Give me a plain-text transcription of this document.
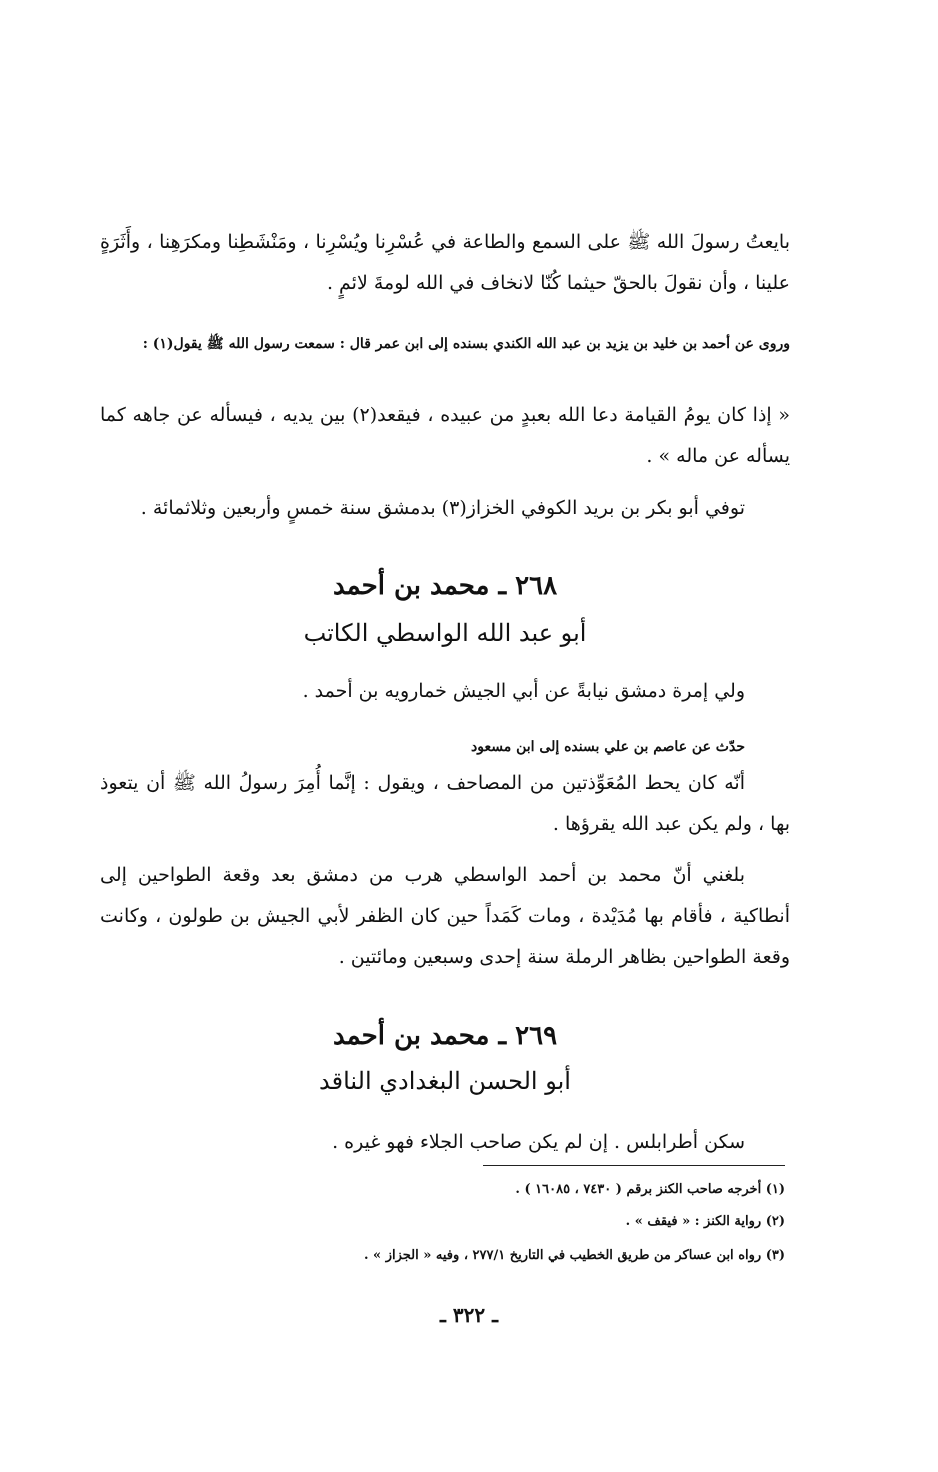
بايعتُ رسولَ الله ﷺ على السمع والطاعة في عُسْرِنا ويُسْرِنا ، ومَنْشَطِنا ومكرَهِنا ، وأَثَرَةٍ علينا ، وأن نقولَ بالحقّ حيثما كُنّا لانخاف في الله لومةَ لائمٍ .

وروى عن أحمد بن خليد بن يزيد بن عبد الله الكندي بسنده إلى ابن عمر قال : سمعت رسول الله ﷺ يقول(١) :

« إذا كان يومُ القيامة دعا الله بعبدٍ من عبيده ، فيقعد(٢) بين يديه ، فيسأله عن جاهه كما يسأله عن ماله » .

توفي أبو بكر بن بريد الكوفي الخزاز(٣) بدمشق سنة خمسٍ وأربعين وثلاثمائة .

٢٦٨ ـ محمد بن أحمد
أبو عبد الله الواسطي الكاتب

ولي إمرة دمشق نيابةً عن أبي الجيش خمارويه بن أحمد .

حدّث عن عاصم بن علي بسنده إلى ابن مسعود

أنّه كان يحط المُعَوِّذتين من المصاحف ، ويقول : إنَّما أُمِرَ رسولُ الله ﷺ أن يتعوذ بها ، ولم يكن عبد الله يقرؤها .

بلغني أنّ محمد بن أحمد الواسطي هرب من دمشق بعد وقعة الطواحين إلى أنطاكية ، فأقام بها مُدَيْدة ، ومات كَمَداً حين كان الظفر لأبي الجيش بن طولون ، وكانت وقعة الطواحين بظاهر الرملة سنة إحدى وسبعين ومائتين .

٢٦٩ ـ محمد بن أحمد
أبو الحسن البغدادي الناقد

سكن أطرابلس . إن لم يكن صاحب الجلاء فهو غيره .

(١) أخرجه صاحب الكنز برقم ( ٧٤٣٠ ، ١٦٠٨٥ ) .
(٢) رواية الكنز : « فيقف » .
(٣) رواه ابن عساكر من طريق الخطيب في التاريخ ٢٧٧/١ ، وفيه « الجزاز » .
ـ ٣٢٢ ـ
